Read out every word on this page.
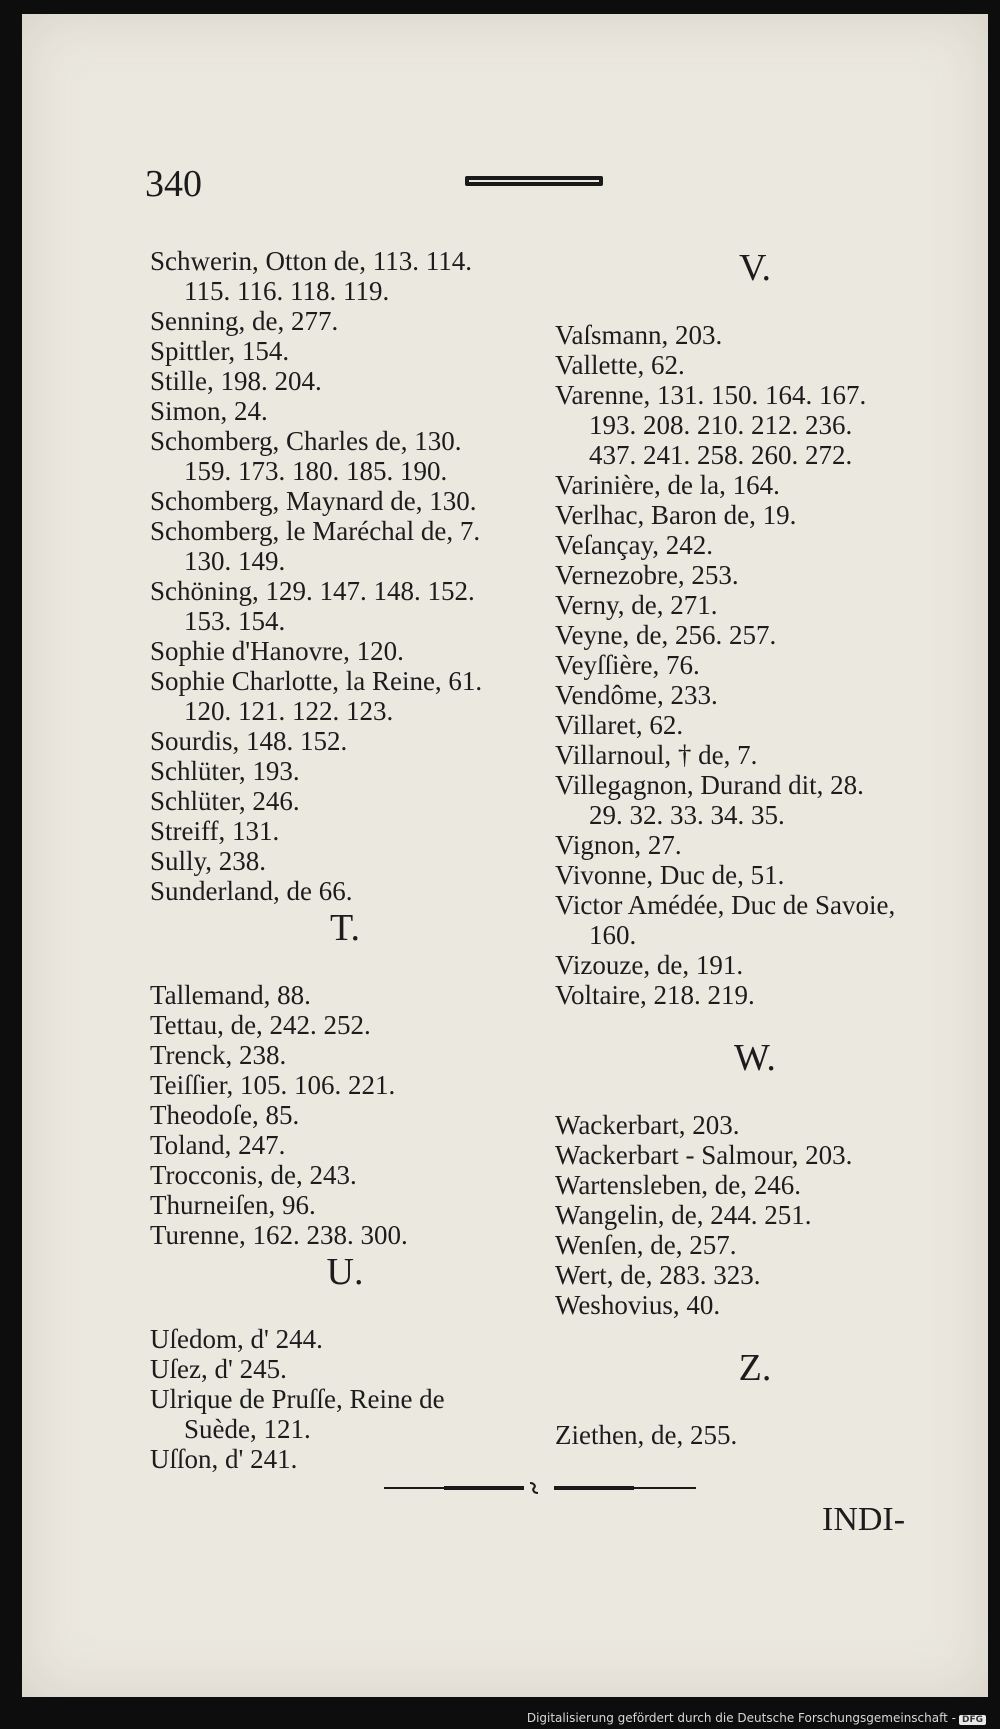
340
Schwerin, Otton de, 113. 114.
115. 116. 118. 119.
Senning, de, 277.
Spittler, 154.
Stille, 198. 204.
Simon, 24.
Schomberg, Charles de, 130.
159. 173. 180. 185. 190.
Schomberg, Maynard de, 130.
Schomberg, le Maréchal de, 7.
130. 149.
Schöning, 129. 147. 148. 152.
153. 154.
Sophie d'Hanovre, 120.
Sophie Charlotte, la Reine, 61.
120. 121. 122. 123.
Sourdis, 148. 152.
Schlüter, 193.
Schlüter, 246.
Streiff, 131.
Sully, 238.
Sunderland, de 66.
T.
Tallemand, 88.
Tettau, de, 242. 252.
Trenck, 238.
Teiſſier, 105. 106. 221.
Theodoſe, 85.
Toland, 247.
Trocconis, de, 243.
Thurneiſen, 96.
Turenne, 162. 238. 300.
U.
Uſedom, d' 244.
Uſez, d' 245.
Ulrique de Pruſſe, Reine de
Suède, 121.
Uſſon, d' 241.
V.
Vaſsmann, 203.
Vallette, 62.
Varenne, 131. 150. 164. 167.
193. 208. 210. 212. 236.
437. 241. 258. 260. 272.
Varinière, de la, 164.
Verlhac, Baron de, 19.
Veſançay, 242.
Vernezobre, 253.
Verny, de, 271.
Veyne, de, 256. 257.
Veyſſière, 76.
Vendôme, 233.
Villaret, 62.
Villarnoul, † de, 7.
Villegagnon, Durand dit, 28.
29. 32. 33. 34. 35.
Vignon, 27.
Vivonne, Duc de, 51.
Victor Amédée, Duc de Savoie,
160.
Vizouze, de, 191.
Voltaire, 218. 219.
W.
Wackerbart, 203.
Wackerbart - Salmour, 203.
Wartensleben, de, 246.
Wangelin, de, 244. 251.
Wenſen, de, 257.
Wert, de, 283. 323.
Weshovius, 40.
Z.
Ziethen, de, 255.
INDI-
Digitalisierung gefördert durch die Deutsche Forschungsgemeinschaft - DFG
